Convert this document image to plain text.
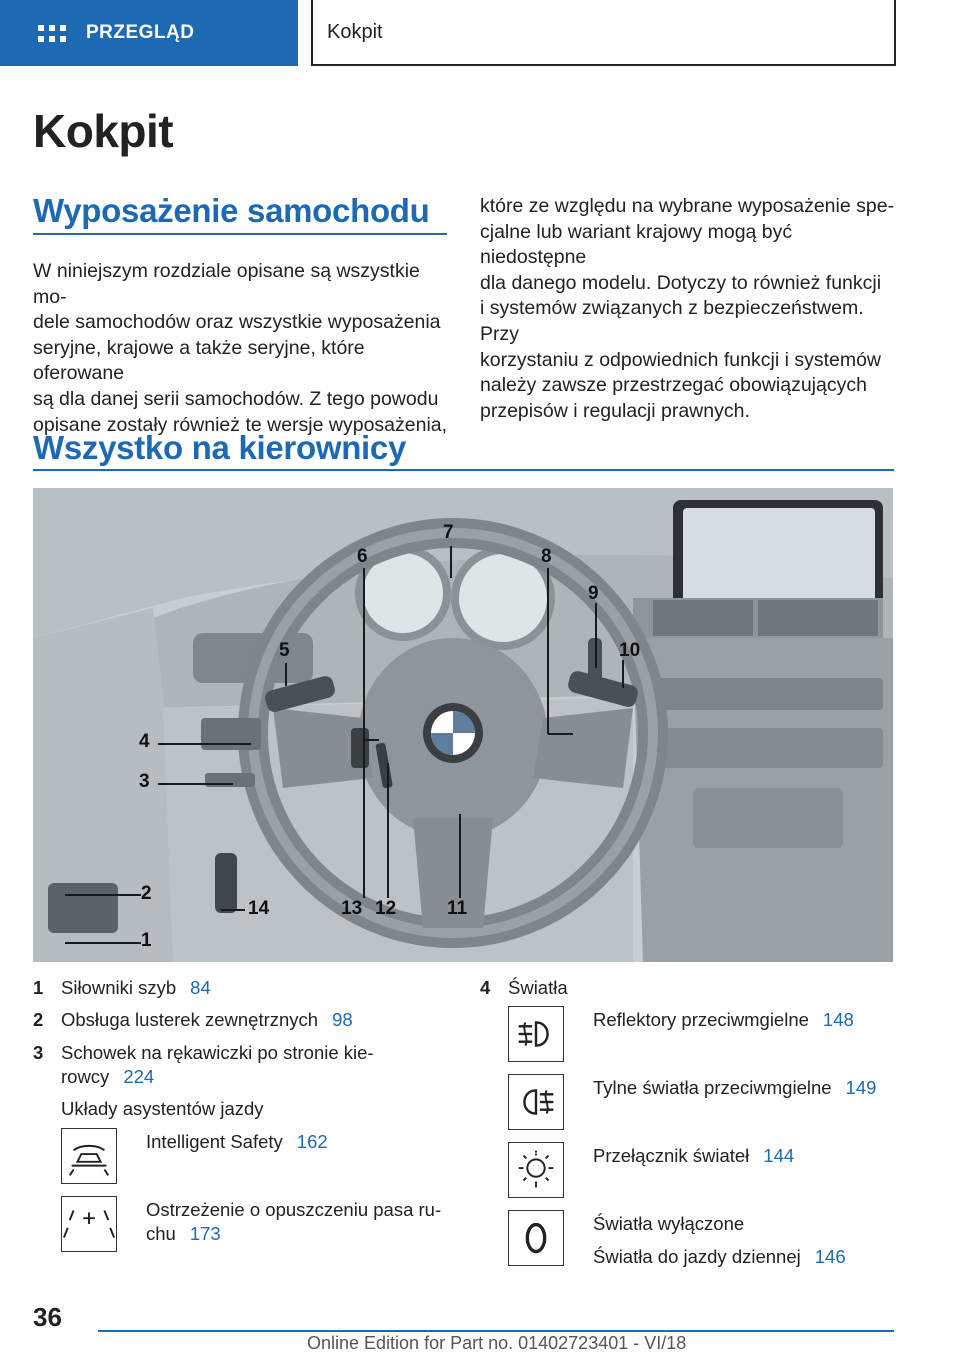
PRZEGLĄD	Kokpit
Kokpit
Wyposażenie samochodu
W niniejszym rozdziale opisane są wszystkie mo-
dele samochodów oraz wszystkie wyposażenia
seryjne, krajowe a także seryjne, które oferowane
są dla danej serii samochodów. Z tego powodu
opisane zostały również te wersje wyposażenia,
które ze względu na wybrane wyposażenie spe-
cjalne lub wariant krajowy mogą być niedostępne
dla danego modelu. Dotyczy to również funkcji
i systemów związanych z bezpieczeństwem. Przy
korzystaniu z odpowiednich funkcji i systemów
należy zawsze przestrzegać obowiązujących
przepisów i regulacji prawnych.
Wszystko na kierownicy
1
2
3
4
5
6
7
8
9
10
11
12
13
14
1 Siłowniki szyb 84
2 Obsługa lusterek zewnętrznych 98
3 Schowek na rękawiczki po stronie kie-
rowcy 224
Układy asystentów jazdy
Intelligent Safety 162
Ostrzeżenie o opuszczeniu pasa ru-
chu 173
4 Światła
Reflektory przeciwmgielne 148
Tylne światła przeciwmgielne 149
Przełącznik świateł 144
Światła wyłączone
Światła do jazdy dziennej 146
36
Online Edition for Part no. 01402723401 - VI/18
